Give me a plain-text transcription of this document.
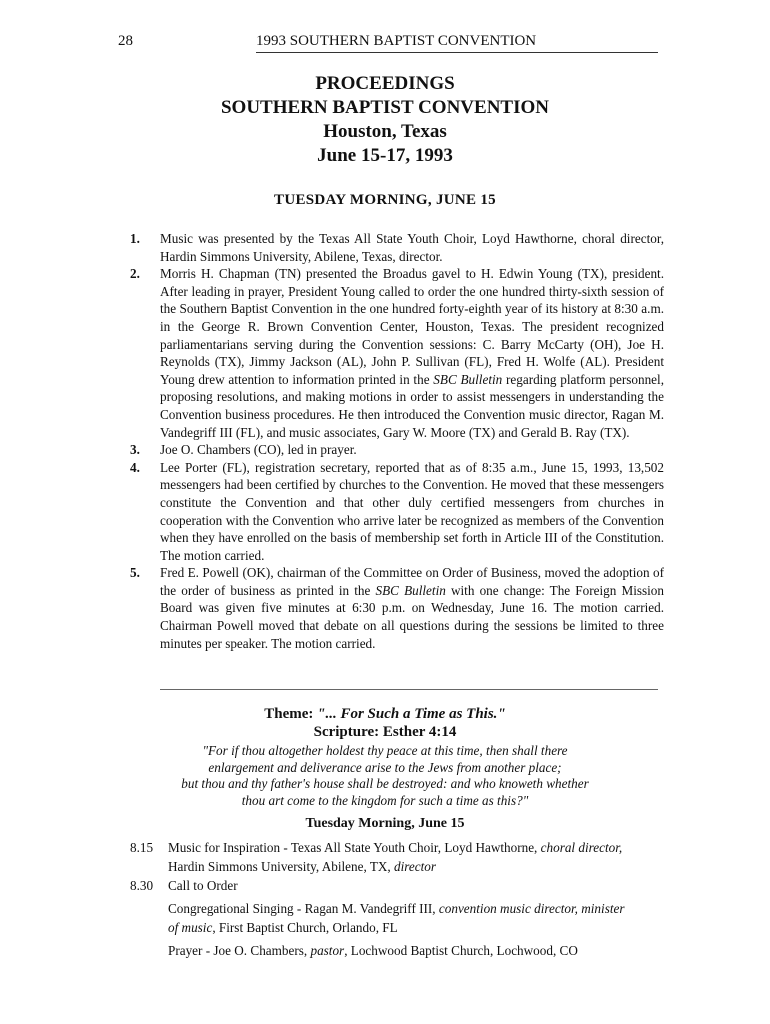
28	1993 SOUTHERN BAPTIST CONVENTION
PROCEEDINGS
SOUTHERN BAPTIST CONVENTION
Houston, Texas
June 15-17, 1993
TUESDAY MORNING, JUNE 15
1. Music was presented by the Texas All State Youth Choir, Loyd Hawthorne, choral director, Hardin Simmons University, Abilene, Texas, director.

2. Morris H. Chapman (TN) presented the Broadus gavel to H. Edwin Young (TX), president. After leading in prayer, President Young called to order the one hundred thirty-sixth session of the Southern Baptist Convention in the one hundred forty-eighth year of its history at 8:30 a.m. in the George R. Brown Convention Center, Houston, Texas. The president recognized parliamentarians serving during the Convention sessions: C. Barry McCarty (OH), Joe H. Reynolds (TX), Jimmy Jackson (AL), John P. Sullivan (FL), Fred H. Wolfe (AL). President Young drew attention to information printed in the SBC Bulletin regarding platform personnel, proposing resolutions, and making motions in order to assist messengers in understanding the Convention business procedures. He then introduced the Convention music director, Ragan M. Vandegriff III (FL), and music associates, Gary W. Moore (TX) and Gerald B. Ray (TX).

3. Joe O. Chambers (CO), led in prayer.

4. Lee Porter (FL), registration secretary, reported that as of 8:35 a.m., June 15, 1993, 13,502 messengers had been certified by churches to the Convention. He moved that these messengers constitute the Convention and that other duly certified messengers from churches in cooperation with the Convention who arrive later be recognized as members of the Convention when they have enrolled on the basis of membership set forth in Article III of the Constitution. The motion carried.

5. Fred E. Powell (OK), chairman of the Committee on Order of Business, moved the adoption of the order of business as printed in the SBC Bulletin with one change: The Foreign Mission Board was given five minutes at 6:30 p.m. on Wednesday, June 16. The motion carried. Chairman Powell moved that debate on all questions during the sessions be limited to three minutes per speaker. The motion carried.

Theme: "... For Such a Time as This."
Scripture: Esther 4:14
"For if thou altogether holdest thy peace at this time, then shall there
enlargement and deliverance arise to the Jews from another place;
but thou and thy father's house shall be destroyed: and who knoweth whether
thou art come to the kingdom for such a time as this?"
Tuesday Morning, June 15
8.15 Music for Inspiration - Texas All State Youth Choir, Loyd Hawthorne, choral director,
Hardin Simmons University, Abilene, TX, director
8.30 Call to Order
Congregational Singing - Ragan M. Vandegriff III, convention music director, minister
of music, First Baptist Church, Orlando, FL
Prayer - Joe O. Chambers, pastor, Lochwood Baptist Church, Lochwood, CO
